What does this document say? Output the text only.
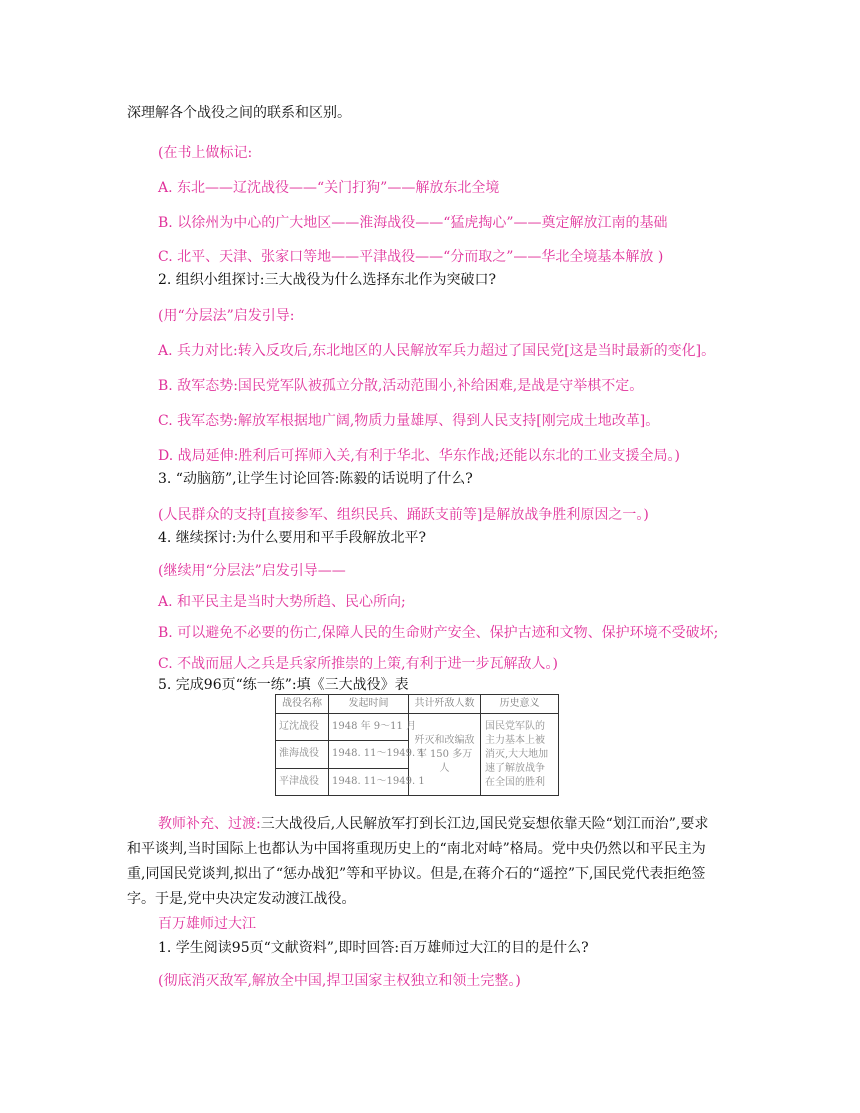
深理解各个战役之间的联系和区别。
(在书上做标记:
A. 东北——辽沈战役——“关门打狗”——解放东北全境
B. 以徐州为中心的广大地区——淮海战役——“猛虎掏心”——奠定解放江南的基础
C. 北平、天津、张家口等地——平津战役——“分而取之”——华北全境基本解放 )
2. 组织小组探讨:三大战役为什么选择东北作为突破口?
(用“分层法”启发引导:
A. 兵力对比:转入反攻后,东北地区的人民解放军兵力超过了国民党[这是当时最新的变化]。
B. 敌军态势:国民党军队被孤立分散,活动范围小,补给困难,是战是守举棋不定。
C. 我军态势:解放军根据地广阔,物质力量雄厚、得到人民支持[刚完成土地改革]。
D. 战局延伸:胜利后可挥师入关,有利于华北、华东作战;还能以东北的工业支援全局。)
3. “动脑筋”,让学生讨论回答:陈毅的话说明了什么?
(人民群众的支持[直接参军、组织民兵、踊跃支前等]是解放战争胜利原因之一。)
4. 继续探讨:为什么要用和平手段解放北平?
(继续用“分层法”启发引导——
A. 和平民主是当时大势所趋、民心所向;
B. 可以避免不必要的伤亡,保障人民的生命财产安全、保护古迹和文物、保护环境不受破坏;
C. 不战而屈人之兵是兵家所推崇的上策,有利于进一步瓦解敌人。)
5. 完成96页“练一练”:填《三大战役》表
战役名称	发起时间	共计歼敌人数	历史意义
辽沈战役	1948 年 9～11 月	歼灭和改编敌军 150 多万人	国民党军队的主力基本上被消灭,大大地加速了解放战争在全国的胜利
淮海战役	1948. 11～1949. 1		
平津战役	1948. 11～1949. 1		
教师补充、过渡:三大战役后,人民解放军打到长江边,国民党妄想依靠天险“划江而治”,要求
和平谈判,当时国际上也都认为中国将重现历史上的“南北对峙”格局。党中央仍然以和平民主为
重,同国民党谈判,拟出了“惩办战犯”等和平协议。但是,在蒋介石的“遥控”下,国民党代表拒绝签
字。于是,党中央决定发动渡江战役。
百万雄师过大江
1. 学生阅读95页“文献资料”,即时回答:百万雄师过大江的目的是什么?
(彻底消灭敌军,解放全中国,捍卫国家主权独立和领土完整。)
